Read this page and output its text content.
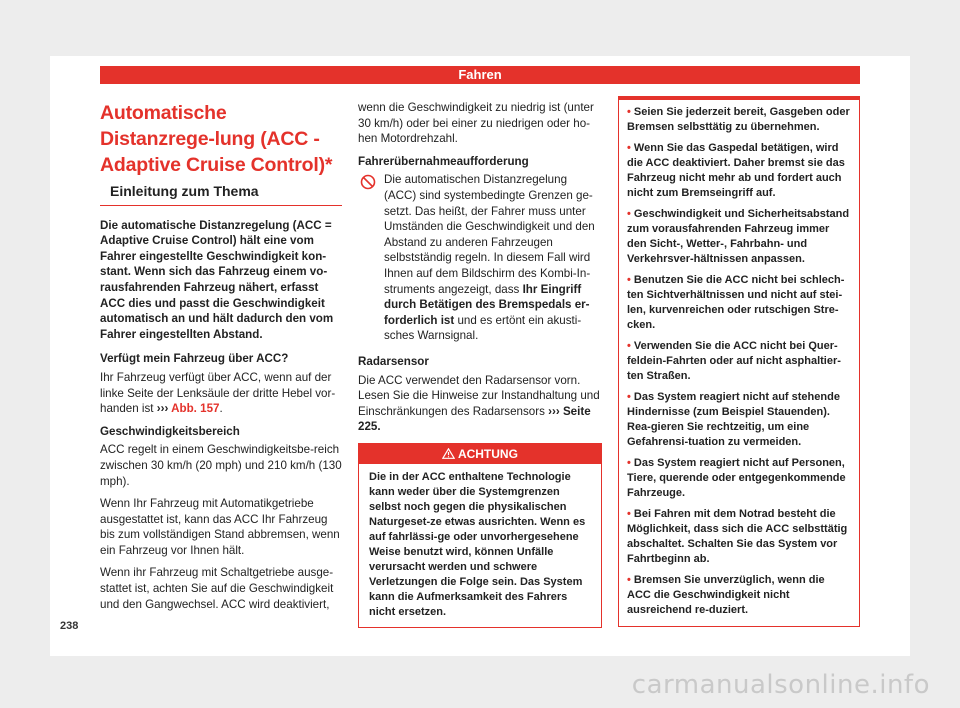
Fahren
Automatische Distanzrege-lung (ACC - Adaptive Cruise Control)*
Einleitung zum Thema

Die automatische Distanzregelung (ACC = Adaptive Cruise Control) hält eine vom Fahrer eingestellte Geschwindigkeit kon-stant. Wenn sich das Fahrzeug einem vo-rausfahrenden Fahrzeug nähert, erfasst ACC dies und passt die Geschwindigkeit automatisch an und hält dadurch den vom Fahrer eingestellten Abstand.

Verfügt mein Fahrzeug über ACC?

Ihr Fahrzeug verfügt über ACC, wenn auf der linke Seite der Lenksäule der dritte Hebel vor-handen ist ››› Abb. 157.

Geschwindigkeitsbereich

ACC regelt in einem Geschwindigkeitsbe-reich zwischen 30 km/h (20 mph) und 210 km/h (130 mph).

Wenn Ihr Fahrzeug mit Automatikgetriebe ausgestattet ist, kann das ACC Ihr Fahrzeug bis zum vollständigen Stand abbremsen, wenn ein Fahrzeug vor Ihnen hält.

Wenn ihr Fahrzeug mit Schaltgetriebe ausge-stattet ist, achten Sie auf die Geschwindigkeit und den Gangwechsel. ACC wird deaktiviert,

wenn die Geschwindigkeit zu niedrig ist (unter 30 km/h) oder bei einer zu niedrigen oder ho-hen Motordrehzahl.

Fahrerübernahmeaufforderung

Die automatischen Distanzregelung (ACC) sind systembedingte Grenzen ge-setzt. Das heißt, der Fahrer muss unter Umständen die Geschwindigkeit und den Abstand zu anderen Fahrzeugen selbstständig regeln. In diesem Fall wird Ihnen auf dem Bildschirm des Kombi-In-struments angezeigt, dass Ihr Eingriff durch Betätigen des Bremspedals er-forderlich ist und es ertönt ein akusti-sches Warnsignal.

Radarsensor

Die ACC verwendet den Radarsensor vorn. Lesen Sie die Hinweise zur Instandhaltung und Einschränkungen des Radarsensors ››› Seite 225.

ACHTUNG
Die in der ACC enthaltene Technologie kann weder über die Systemgrenzen selbst noch gegen die physikalischen Naturgeset-ze etwas ausrichten. Wenn es auf fahrlässi-ge oder unvorhergesehene Weise benutzt wird, können Unfälle verursacht werden und schwere Verletzungen die Folge sein. Das System kann die Aufmerksamkeit des Fahrers nicht ersetzen.
• Seien Sie jederzeit bereit, Gasgeben oder Bremsen selbsttätig zu übernehmen.
• Wenn Sie das Gaspedal betätigen, wird die ACC deaktiviert. Daher bremst sie das Fahrzeug nicht mehr ab und fordert auch nicht zum Bremseingriff auf.
• Geschwindigkeit und Sicherheitsabstand zum vorausfahrenden Fahrzeug immer den Sicht-, Wetter-, Fahrbahn- und Verkehrsver-hältnissen anpassen.
• Benutzen Sie die ACC nicht bei schlech-ten Sichtverhältnissen und nicht auf stei-len, kurvenreichen oder rutschigen Stre-cken.
• Verwenden Sie die ACC nicht bei Quer-feldein-Fahrten oder auf nicht asphaltier-ten Straßen.
• Das System reagiert nicht auf stehende Hindernisse (zum Beispiel Stauenden). Rea-gieren Sie rechtzeitig, um eine Gefahrensi-tuation zu vermeiden.
• Das System reagiert nicht auf Personen, Tiere, querende oder entgegenkommende Fahrzeuge.
• Bei Fahren mit dem Notrad besteht die Möglichkeit, dass sich die ACC selbsttätig abschaltet. Schalten Sie das System vor Fahrtbeginn ab.
• Bremsen Sie unverzüglich, wenn die ACC die Geschwindigkeit nicht ausreichend re-duziert.
238
carmanualsonline.info
